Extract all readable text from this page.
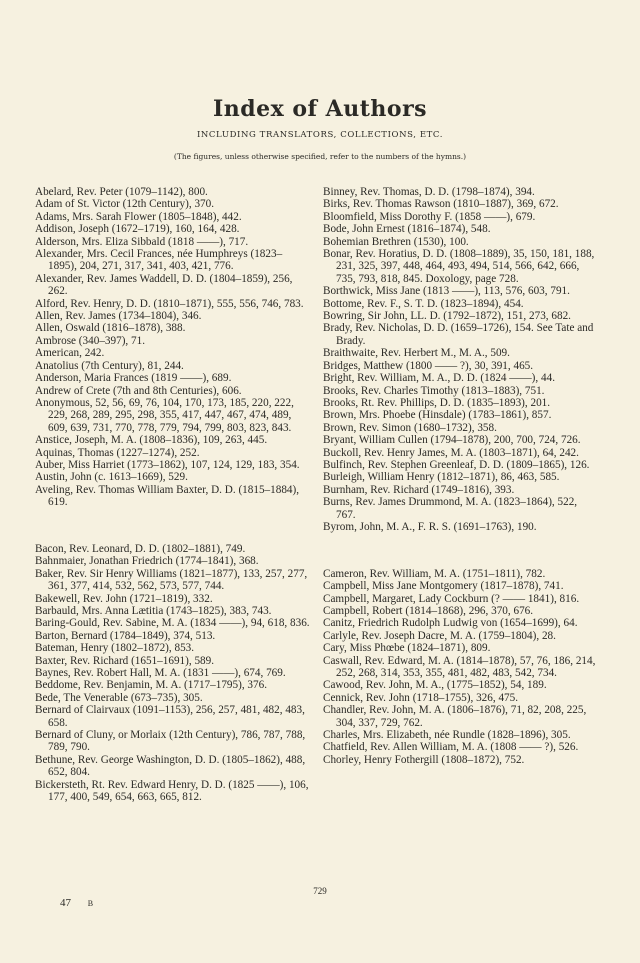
Index of Authors
INCLUDING TRANSLATORS, COLLECTIONS, ETC.
(The figures, unless otherwise specified, refer to the numbers of the hymns.)

Abelard, Rev. Peter (1079–1142), 800.

Adam of St. Victor (12th Century), 370.

Adams, Mrs. Sarah Flower (1805–1848), 442.

Addison, Joseph (1672–1719), 160, 164, 428.

Alderson, Mrs. Eliza Sibbald (1818 ——), 717.

Alexander, Mrs. Cecil Frances, née Humphreys (1823–1895), 204, 271, 317, 341, 403, 421, 776.

Alexander, Rev. James Waddell, D. D. (1804–1859), 256, 262.

Alford, Rev. Henry, D. D. (1810–1871), 555, 556, 746, 783.

Allen, Rev. James (1734–1804), 346.

Allen, Oswald (1816–1878), 388.

Ambrose (340–397), 71.

American, 242.

Anatolius (7th Century), 81, 244.

Anderson, Maria Frances (1819 ——), 689.

Andrew of Crete (7th and 8th Centuries), 606.

Anonymous, 52, 56, 69, 76, 104, 170, 173, 185, 220, 222, 229, 268, 289, 295, 298, 355, 417, 447, 467, 474, 489, 609, 639, 731, 770, 778, 779, 794, 799, 803, 823, 843.

Anstice, Joseph, M. A. (1808–1836), 109, 263, 445.

Aquinas, Thomas (1227–1274), 252.

Auber, Miss Harriet (1773–1862), 107, 124, 129, 183, 354.

Austin, John (c. 1613–1669), 529.

Aveling, Rev. Thomas William Baxter, D. D. (1815–1884), 619.

Bacon, Rev. Leonard, D. D. (1802–1881), 749.

Bahnmaier, Jonathan Friedrich (1774–1841), 368.

Baker, Rev. Sir Henry Williams (1821–1877), 133, 257, 277, 361, 377, 414, 532, 562, 573, 577, 744.

Bakewell, Rev. John (1721–1819), 332.

Barbauld, Mrs. Anna Lætitia (1743–1825), 383, 743.

Baring-Gould, Rev. Sabine, M. A. (1834 ——), 94, 618, 836.

Barton, Bernard (1784–1849), 374, 513.

Bateman, Henry (1802–1872), 853.

Baxter, Rev. Richard (1651–1691), 589.

Baynes, Rev. Robert Hall, M. A. (1831 ——), 674, 769.

Beddome, Rev. Benjamin, M. A. (1717–1795), 376.

Bede, The Venerable (673–735), 305.

Bernard of Clairvaux (1091–1153), 256, 257, 481, 482, 483, 658.

Bernard of Cluny, or Morlaix (12th Century), 786, 787, 788, 789, 790.

Bethune, Rev. George Washington, D. D. (1805–1862), 488, 652, 804.

Bickersteth, Rt. Rev. Edward Henry, D. D. (1825 ——), 106, 177, 400, 549, 654, 663, 665, 812.

Binney, Rev. Thomas, D. D. (1798–1874), 394.

Birks, Rev. Thomas Rawson (1810–1887), 369, 672.

Bloomfield, Miss Dorothy F. (1858 ——), 679.

Bode, John Ernest (1816–1874), 548.

Bohemian Brethren (1530), 100.

Bonar, Rev. Horatius, D. D. (1808–1889), 35, 150, 181, 188, 231, 325, 397, 448, 464, 493, 494, 514, 566, 642, 666, 735, 793, 818, 845. Doxology, page 728.

Borthwick, Miss Jane (1813 ——), 113, 576, 603, 791.

Bottome, Rev. F., S. T. D. (1823–1894), 454.

Bowring, Sir John, LL. D. (1792–1872), 151, 273, 682.

Brady, Rev. Nicholas, D. D. (1659–1726), 154. See Tate and Brady.

Braithwaite, Rev. Herbert M., M. A., 509.

Bridges, Matthew (1800 —— ?), 30, 391, 465.

Bright, Rev. William, M. A., D. D. (1824 ——), 44.

Brooks, Rev. Charles Timothy (1813–1883), 751.

Brooks, Rt. Rev. Phillips, D. D. (1835–1893), 201.

Brown, Mrs. Phoebe (Hinsdale) (1783–1861), 857.

Brown, Rev. Simon (1680–1732), 358.

Bryant, William Cullen (1794–1878), 200, 700, 724, 726.

Buckoll, Rev. Henry James, M. A. (1803–1871), 64, 242.

Bulfinch, Rev. Stephen Greenleaf, D. D. (1809–1865), 126.

Burleigh, William Henry (1812–1871), 86, 463, 585.

Burnham, Rev. Richard (1749–1816), 393.

Burns, Rev. James Drummond, M. A. (1823–1864), 522, 767.

Byrom, John, M. A., F. R. S. (1691–1763), 190.

Cameron, Rev. William, M. A. (1751–1811), 782.

Campbell, Miss Jane Montgomery (1817–1878), 741.

Campbell, Margaret, Lady Cockburn (? —— 1841), 816.

Campbell, Robert (1814–1868), 296, 370, 676.

Canitz, Friedrich Rudolph Ludwig von (1654–1699), 64.

Carlyle, Rev. Joseph Dacre, M. A. (1759–1804), 28.

Cary, Miss Phœbe (1824–1871), 809.

Caswall, Rev. Edward, M. A. (1814–1878), 57, 76, 186, 214, 252, 268, 314, 353, 355, 481, 482, 483, 542, 734.

Cawood, Rev. John, M. A., (1775–1852), 54, 189.

Cennick, Rev. John (1718–1755), 326, 475.

Chandler, Rev. John, M. A. (1806–1876), 71, 82, 208, 225, 304, 337, 729, 762.

Charles, Mrs. Elizabeth, née Rundle (1828–1896), 305.

Chatfield, Rev. Allen William, M. A. (1808 —— ?), 526.

Chorley, Henry Fothergill (1808–1872), 752.

729
47 B
